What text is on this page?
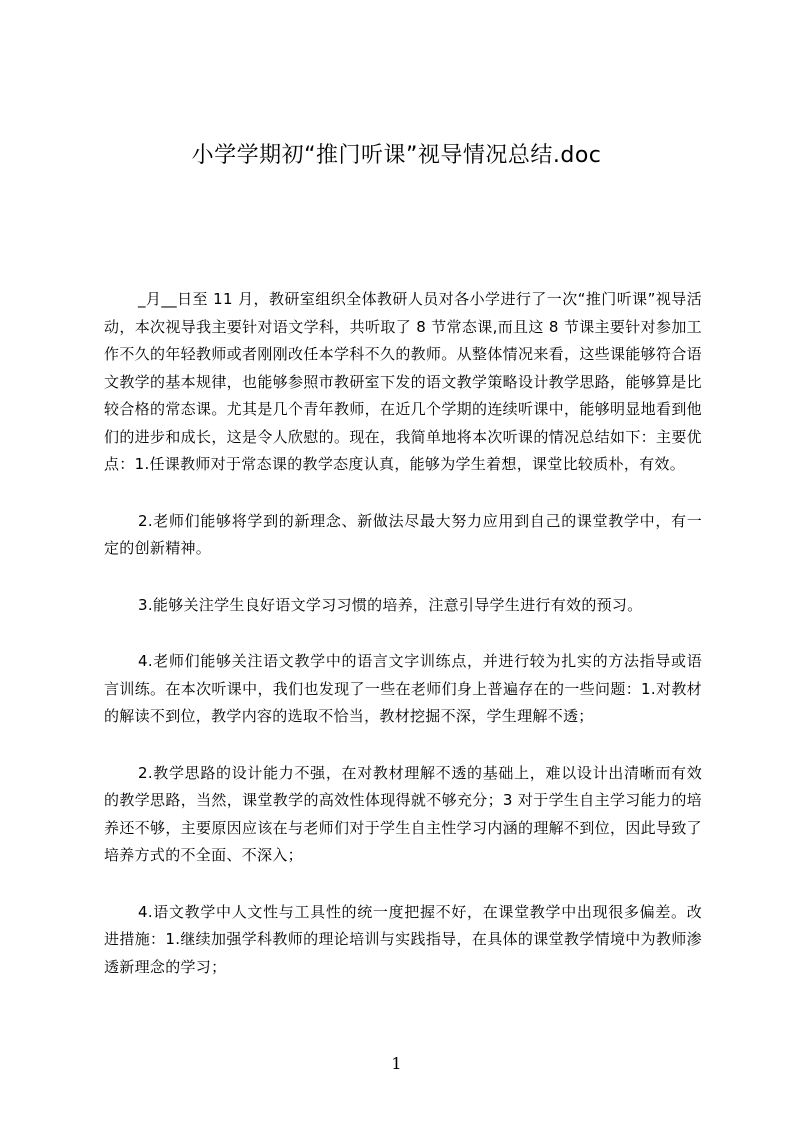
小学学期初“推门听课”视导情况总结.doc

_月__日至 11 月，教研室组织全体教研人员对各小学进行了一次“推门听课”视导活动，本次视导我主要针对语文学科，共听取了 8 节常态课,而且这 8 节课主要针对参加工作不久的年轻教师或者刚刚改任本学科不久的教师。从整体情况来看，这些课能够符合语文教学的基本规律，也能够参照市教研室下发的语文教学策略设计教学思路，能够算是比较合格的常态课。尤其是几个青年教师，在近几个学期的连续听课中，能够明显地看到他们的进步和成长，这是令人欣慰的。现在，我简单地将本次听课的情况总结如下：主要优点：1.任课教师对于常态课的教学态度认真，能够为学生着想，课堂比较质朴，有效。

2.老师们能够将学到的新理念、新做法尽最大努力应用到自己的课堂教学中，有一定的创新精神。

3.能够关注学生良好语文学习习惯的培养，注意引导学生进行有效的预习。

4.老师们能够关注语文教学中的语言文字训练点，并进行较为扎实的方法指导或语言训练。在本次听课中，我们也发现了一些在老师们身上普遍存在的一些问题：1.对教材的解读不到位，教学内容的选取不恰当，教材挖掘不深，学生理解不透；

2.教学思路的设计能力不强，在对教材理解不透的基础上，难以设计出清晰而有效的教学思路，当然，课堂教学的高效性体现得就不够充分；3 对于学生自主学习能力的培养还不够，主要原因应该在与老师们对于学生自主性学习内涵的理解不到位，因此导致了培养方式的不全面、不深入；

4.语文教学中人文性与工具性的统一度把握不好，在课堂教学中出现很多偏差。改进措施：1.继续加强学科教师的理论培训与实践指导，在具体的课堂教学情境中为教师渗透新理念的学习；

1
